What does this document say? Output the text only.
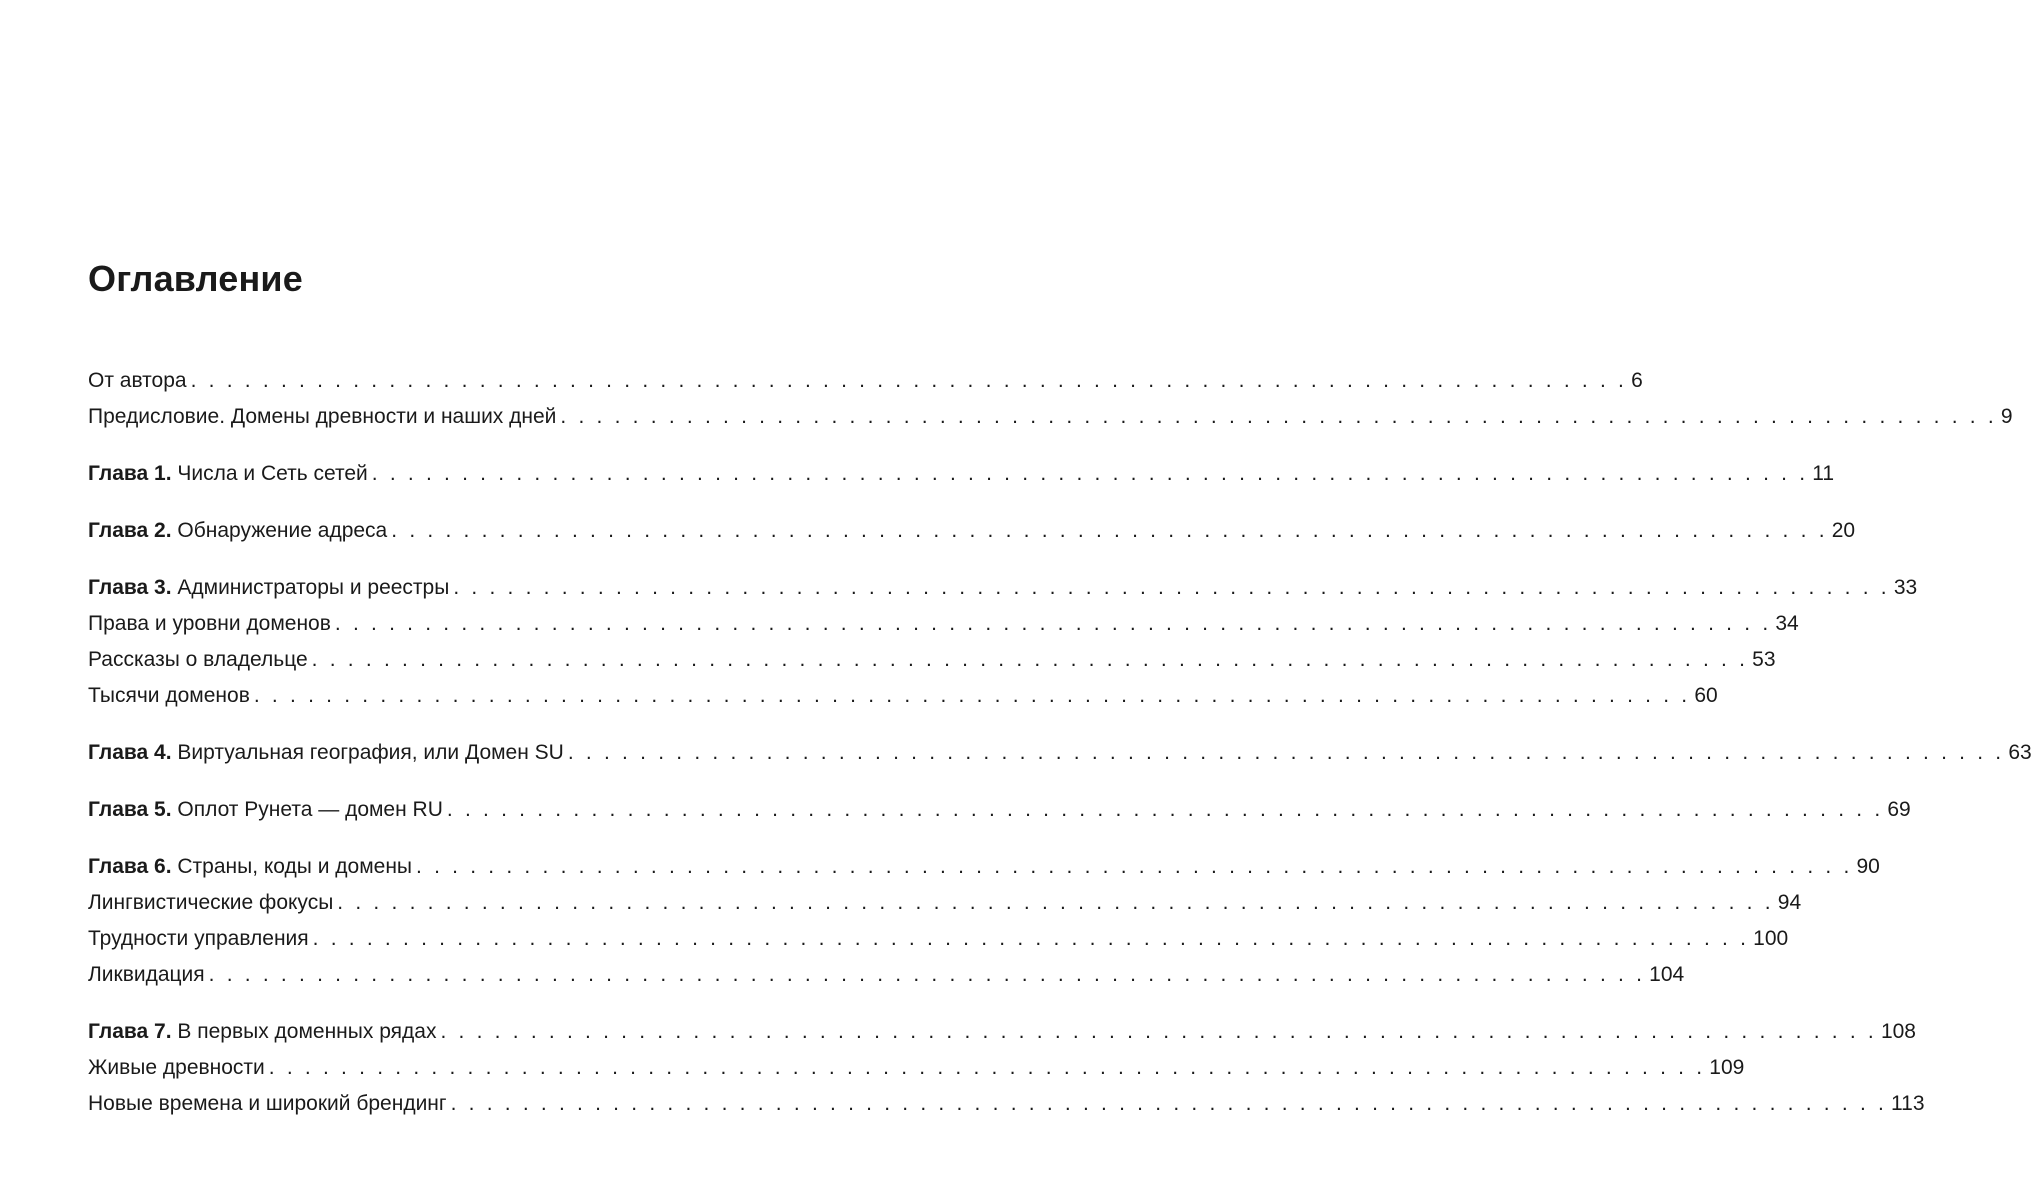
Оглавление
От автора . . . . . . . . . . . . . . . . . . . . . . . . . . . . . . . . . . . . . . . . . . . . . . . . . . . . . . . . . . . . . . . . . . . . . . . . . . . . . . . . 6
Предисловие. Домены древности и наших дней . . . . . . . . . . . . . . . . . . . . . . . . . . . . . . . . . . . . . . . . . . . . . . . . . . . . . . . . . . . . . . . . . . . . . . . . . . . . . . . . 9
Глава 1. Числа и Сеть сетей . . . . . . . . . . . . . . . . . . . . . . . . . . . . . . . . . . . . . . . . . . . . . . . . . . . . . . . . . . . . . . . . . . . . . . . . . . . . . . . . 11
Глава 2. Обнаружение адреса . . . . . . . . . . . . . . . . . . . . . . . . . . . . . . . . . . . . . . . . . . . . . . . . . . . . . . . . . . . . . . . . . . . . . . . . . . . . . . . . 20
Глава 3. Администраторы и реестры . . . . . . . . . . . . . . . . . . . . . . . . . . . . . . . . . . . . . . . . . . . . . . . . . . . . . . . . . . . . . . . . . . . . . . . . . . . . . . . . 33
Права и уровни доменов . . . . . . . . . . . . . . . . . . . . . . . . . . . . . . . . . . . . . . . . . . . . . . . . . . . . . . . . . . . . . . . . . . . . . . . . . . . . . . . . 34
Рассказы о владельце . . . . . . . . . . . . . . . . . . . . . . . . . . . . . . . . . . . . . . . . . . . . . . . . . . . . . . . . . . . . . . . . . . . . . . . . . . . . . . . . 53
Тысячи доменов . . . . . . . . . . . . . . . . . . . . . . . . . . . . . . . . . . . . . . . . . . . . . . . . . . . . . . . . . . . . . . . . . . . . . . . . . . . . . . . . 60
Глава 4. Виртуальная география, или Домен SU . . . . . . . . . . . . . . . . . . . . . . . . . . . . . . . . . . . . . . . . . . . . . . . . . . . . . . . . . . . . . . . . . . . . . . . . . . . . . . . . 63
Глава 5. Оплот Рунета — домен RU . . . . . . . . . . . . . . . . . . . . . . . . . . . . . . . . . . . . . . . . . . . . . . . . . . . . . . . . . . . . . . . . . . . . . . . . . . . . . . . . 69
Глава 6. Страны, коды и домены . . . . . . . . . . . . . . . . . . . . . . . . . . . . . . . . . . . . . . . . . . . . . . . . . . . . . . . . . . . . . . . . . . . . . . . . . . . . . . . . 90
Лингвистические фокусы . . . . . . . . . . . . . . . . . . . . . . . . . . . . . . . . . . . . . . . . . . . . . . . . . . . . . . . . . . . . . . . . . . . . . . . . . . . . . . . . 94
Трудности управления . . . . . . . . . . . . . . . . . . . . . . . . . . . . . . . . . . . . . . . . . . . . . . . . . . . . . . . . . . . . . . . . . . . . . . . . . . . . . . . . 100
Ликвидация . . . . . . . . . . . . . . . . . . . . . . . . . . . . . . . . . . . . . . . . . . . . . . . . . . . . . . . . . . . . . . . . . . . . . . . . . . . . . . . . 104
Глава 7. В первых доменных рядах . . . . . . . . . . . . . . . . . . . . . . . . . . . . . . . . . . . . . . . . . . . . . . . . . . . . . . . . . . . . . . . . . . . . . . . . . . . . . . . . 108
Живые древности . . . . . . . . . . . . . . . . . . . . . . . . . . . . . . . . . . . . . . . . . . . . . . . . . . . . . . . . . . . . . . . . . . . . . . . . . . . . . . . . 109
Новые времена и широкий брендинг . . . . . . . . . . . . . . . . . . . . . . . . . . . . . . . . . . . . . . . . . . . . . . . . . . . . . . . . . . . . . . . . . . . . . . . . . . . . . . . . 113
